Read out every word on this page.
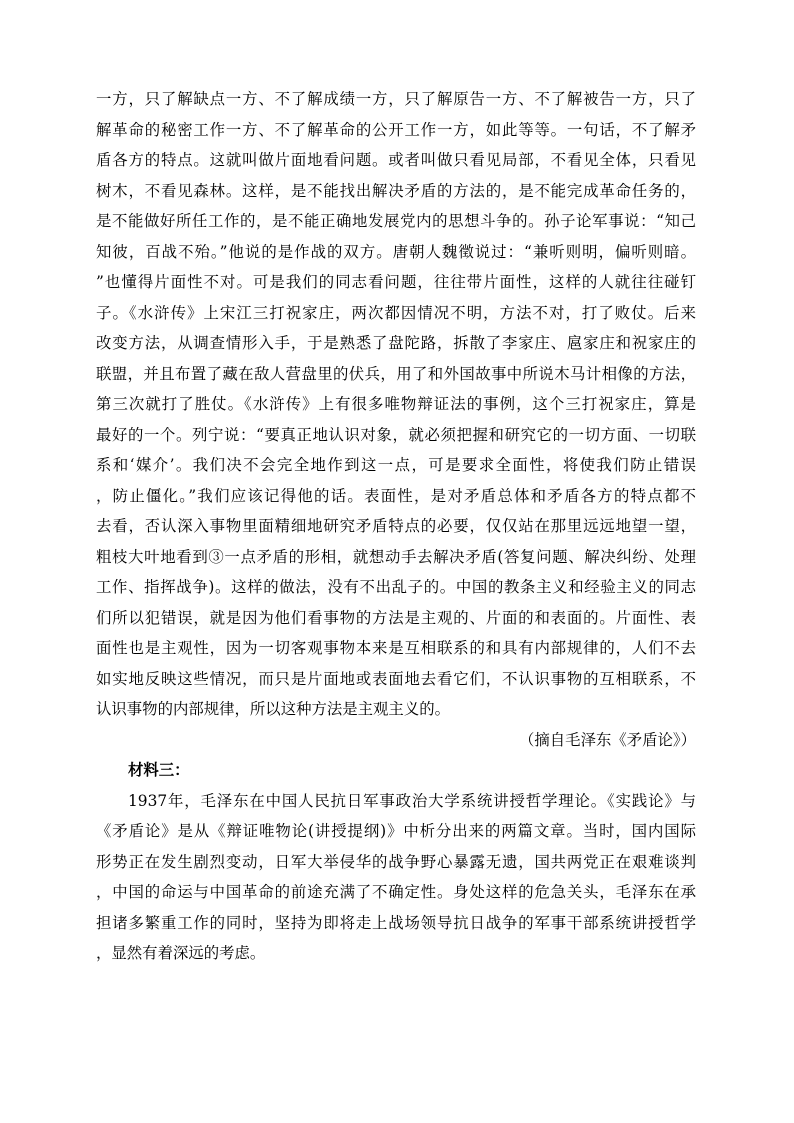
一方，只了解缺点一方、不了解成绩一方，只了解原告一方、不了解被告一方，只了
解革命的秘密工作一方、不了解革命的公开工作一方，如此等等。一句话，不了解矛
盾各方的特点。这就叫做片面地看问题。或者叫做只看见局部，不看见全体，只看见
树木，不看见森林。这样，是不能找出解决矛盾的方法的，是不能完成革命任务的，
是不能做好所任工作的，是不能正确地发展党内的思想斗争的。孙子论军事说：“知己
知彼，百战不殆。”他说的是作战的双方。唐朝人魏徵说过：“兼听则明，偏听则暗。
”也懂得片面性不对。可是我们的同志看问题，往往带片面性，这样的人就往往碰钉
子。《水浒传》上宋江三打祝家庄，两次都因情况不明，方法不对，打了败仗。后来
改变方法，从调查情形入手，于是熟悉了盘陀路，拆散了李家庄、扈家庄和祝家庄的
联盟，并且布置了藏在敌人营盘里的伏兵，用了和外国故事中所说木马计相像的方法，
第三次就打了胜仗。《水浒传》上有很多唯物辩证法的事例，这个三打祝家庄，算是
最好的一个。列宁说：“要真正地认识对象，就必须把握和研究它的一切方面、一切联
系和‘媒介’。我们决不会完全地作到这一点，可是要求全面性，将使我们防止错误
，防止僵化。”我们应该记得他的话。表面性，是对矛盾总体和矛盾各方的特点都不
去看，否认深入事物里面精细地研究矛盾特点的必要，仅仅站在那里远远地望一望，
粗枝大叶地看到③一点矛盾的形相，就想动手去解决矛盾(答复问题、解决纠纷、处理
工作、指挥战争)。这样的做法，没有不出乱子的。中国的教条主义和经验主义的同志
们所以犯错误，就是因为他们看事物的方法是主观的、片面的和表面的。片面性、表
面性也是主观性，因为一切客观事物本来是互相联系的和具有内部规律的，人们不去
如实地反映这些情况，而只是片面地或表面地去看它们，不认识事物的互相联系，不
认识事物的内部规律，所以这种方法是主观主义的。
（摘自毛泽东《矛盾论》）
材料三：
1937年，毛泽东在中国人民抗日军事政治大学系统讲授哲学理论。《实践论》与
《矛盾论》是从《辩证唯物论(讲授提纲)》中析分出来的两篇文章。当时，国内国际
形势正在发生剧烈变动，日军大举侵华的战争野心暴露无遗，国共两党正在艰难谈判
，中国的命运与中国革命的前途充满了不确定性。身处这样的危急关头，毛泽东在承
担诸多繁重工作的同时，坚持为即将走上战场领导抗日战争的军事干部系统讲授哲学
，显然有着深远的考虑。
